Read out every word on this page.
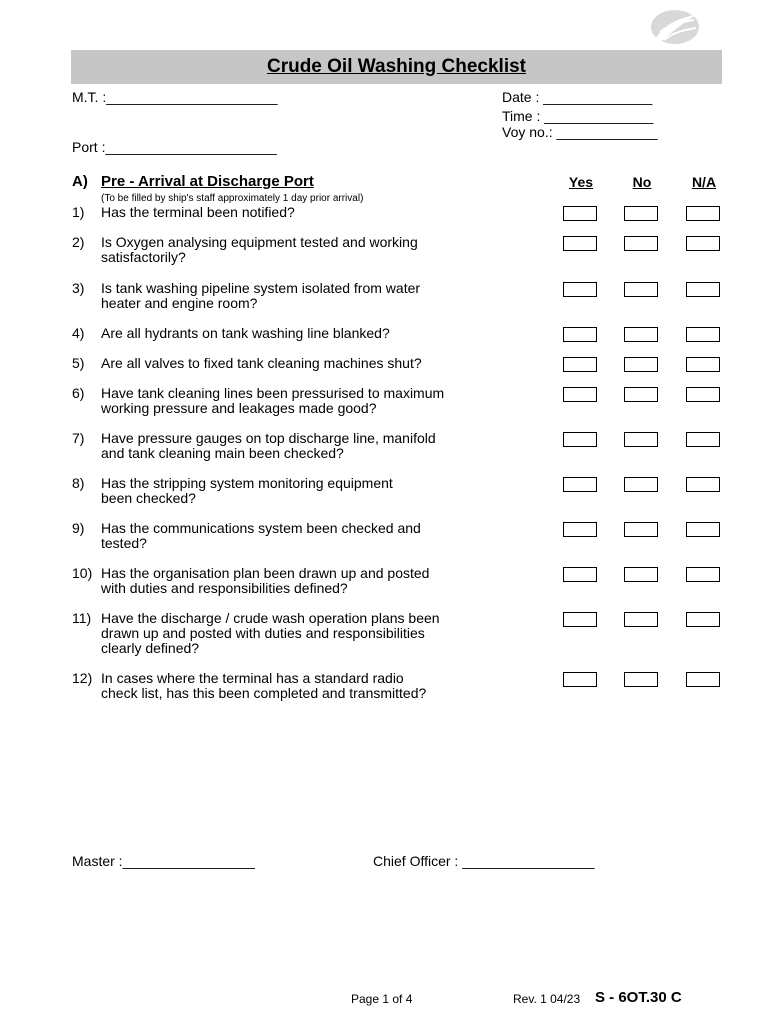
Crude Oil Washing Checklist
M.T. :______________________	Date : ______________
Time : ______________
Voy no.: _____________
Port :______________________
A) Pre - Arrival at Discharge Port
(To be filled by ship's staff approximately 1 day prior arrival)
Yes	No	N/A
1) Has the terminal been notified?
2) Is Oxygen analysing equipment tested and working
satisfactorily?
3) Is tank washing pipeline system isolated from water
heater and engine room?
4) Are all hydrants on tank washing line blanked?
5) Are all valves to fixed tank cleaning machines shut?
6) Have tank cleaning lines been pressurised to maximum
working pressure and leakages made good?
7) Have pressure gauges on top discharge line, manifold
and tank cleaning main been checked?
8) Has the stripping system monitoring equipment
been checked?
9) Has the communications system been checked and
tested?
10) Has the organisation plan been drawn up and posted
with duties and responsibilities defined?
11) Have the discharge / crude wash operation plans been
drawn up and posted with duties and responsibilities
clearly defined?
12) In cases where the terminal has a standard radio
check list, has this been completed and transmitted?
Master :_________________	Chief Officer : _________________
Page 1 of 4	Rev. 1 04/23 S - 6OT.30 C
